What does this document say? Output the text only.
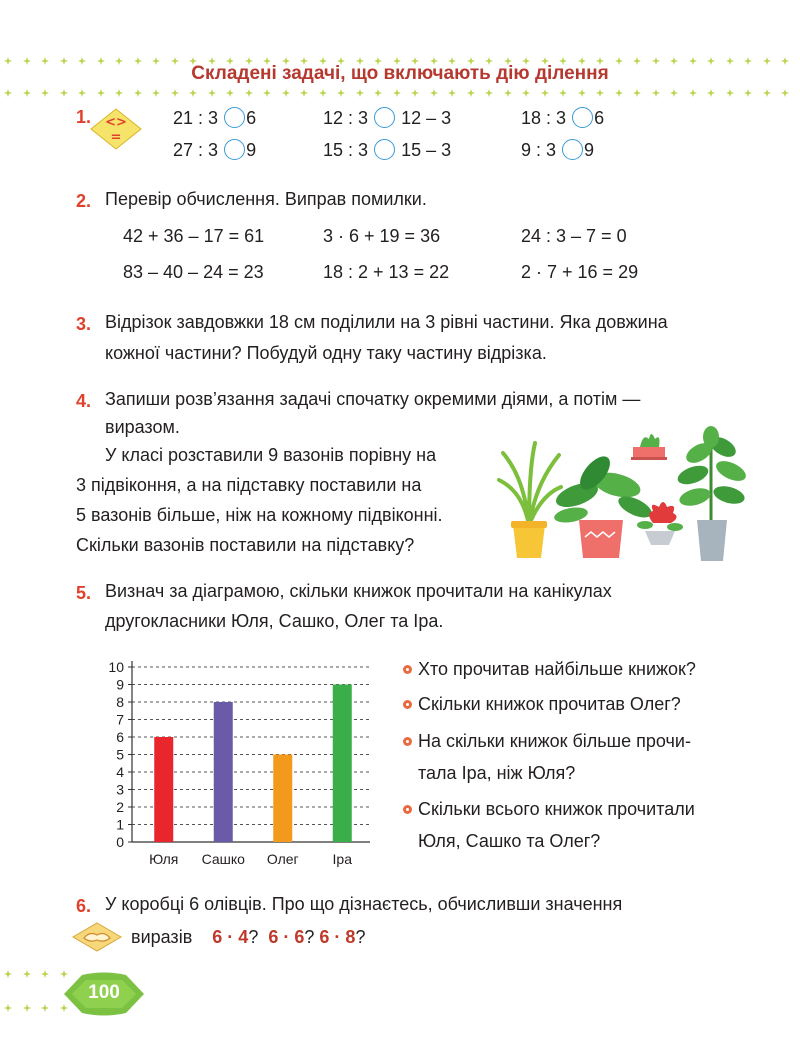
Складені задачі, що включають дію ділення
1. <>
=
21 : 3 6	12 : 3 12 – 3	18 : 3 6
27 : 3 9	15 : 3 15 – 3	9 : 3 9
2. Перевір обчислення. Виправ помилки.
42 + 36 – 17 = 61	3 · 6 + 19 = 36	24 : 3 – 7 = 0
83 – 40 – 24 = 23	18 : 2 + 13 = 22	2 · 7 + 16 = 29
3. Відрізок завдовжки 18 см поділили на 3 рівні частини. Яка довжина
кожної частини? Побудуй одну таку частину відрізка.
4. Запиши розв’язання задачі спочатку окремими діями, а потім —
виразом.
У класі розставили 9 вазонів порівну на
3 підвіконня, а на підставку поставили на
5 вазонів більше, ніж на кожному підвіконні.
Скільки вазонів поставили на підставку?
5. Визнач за діаграмою, скільки книжок прочитали на канікулах
другокласники Юля, Сашко, Олег та Іра.
0
1
2
3
4
5
6
7
8
9
10
Юля Сашко Олег Іра
Хто прочитав найбільше книжок?
Скільки книжок прочитав Олег?
На скільки книжок більше прочи-
тала Іра, ніж Юля?
Скільки всього книжок прочитали
Юля, Сашко та Олег?
6. У коробці 6 олівців. Про що дізнаєтесь, обчисливши значення
виразів 6 · 4? 6 · 6? 6 · 8?
100
